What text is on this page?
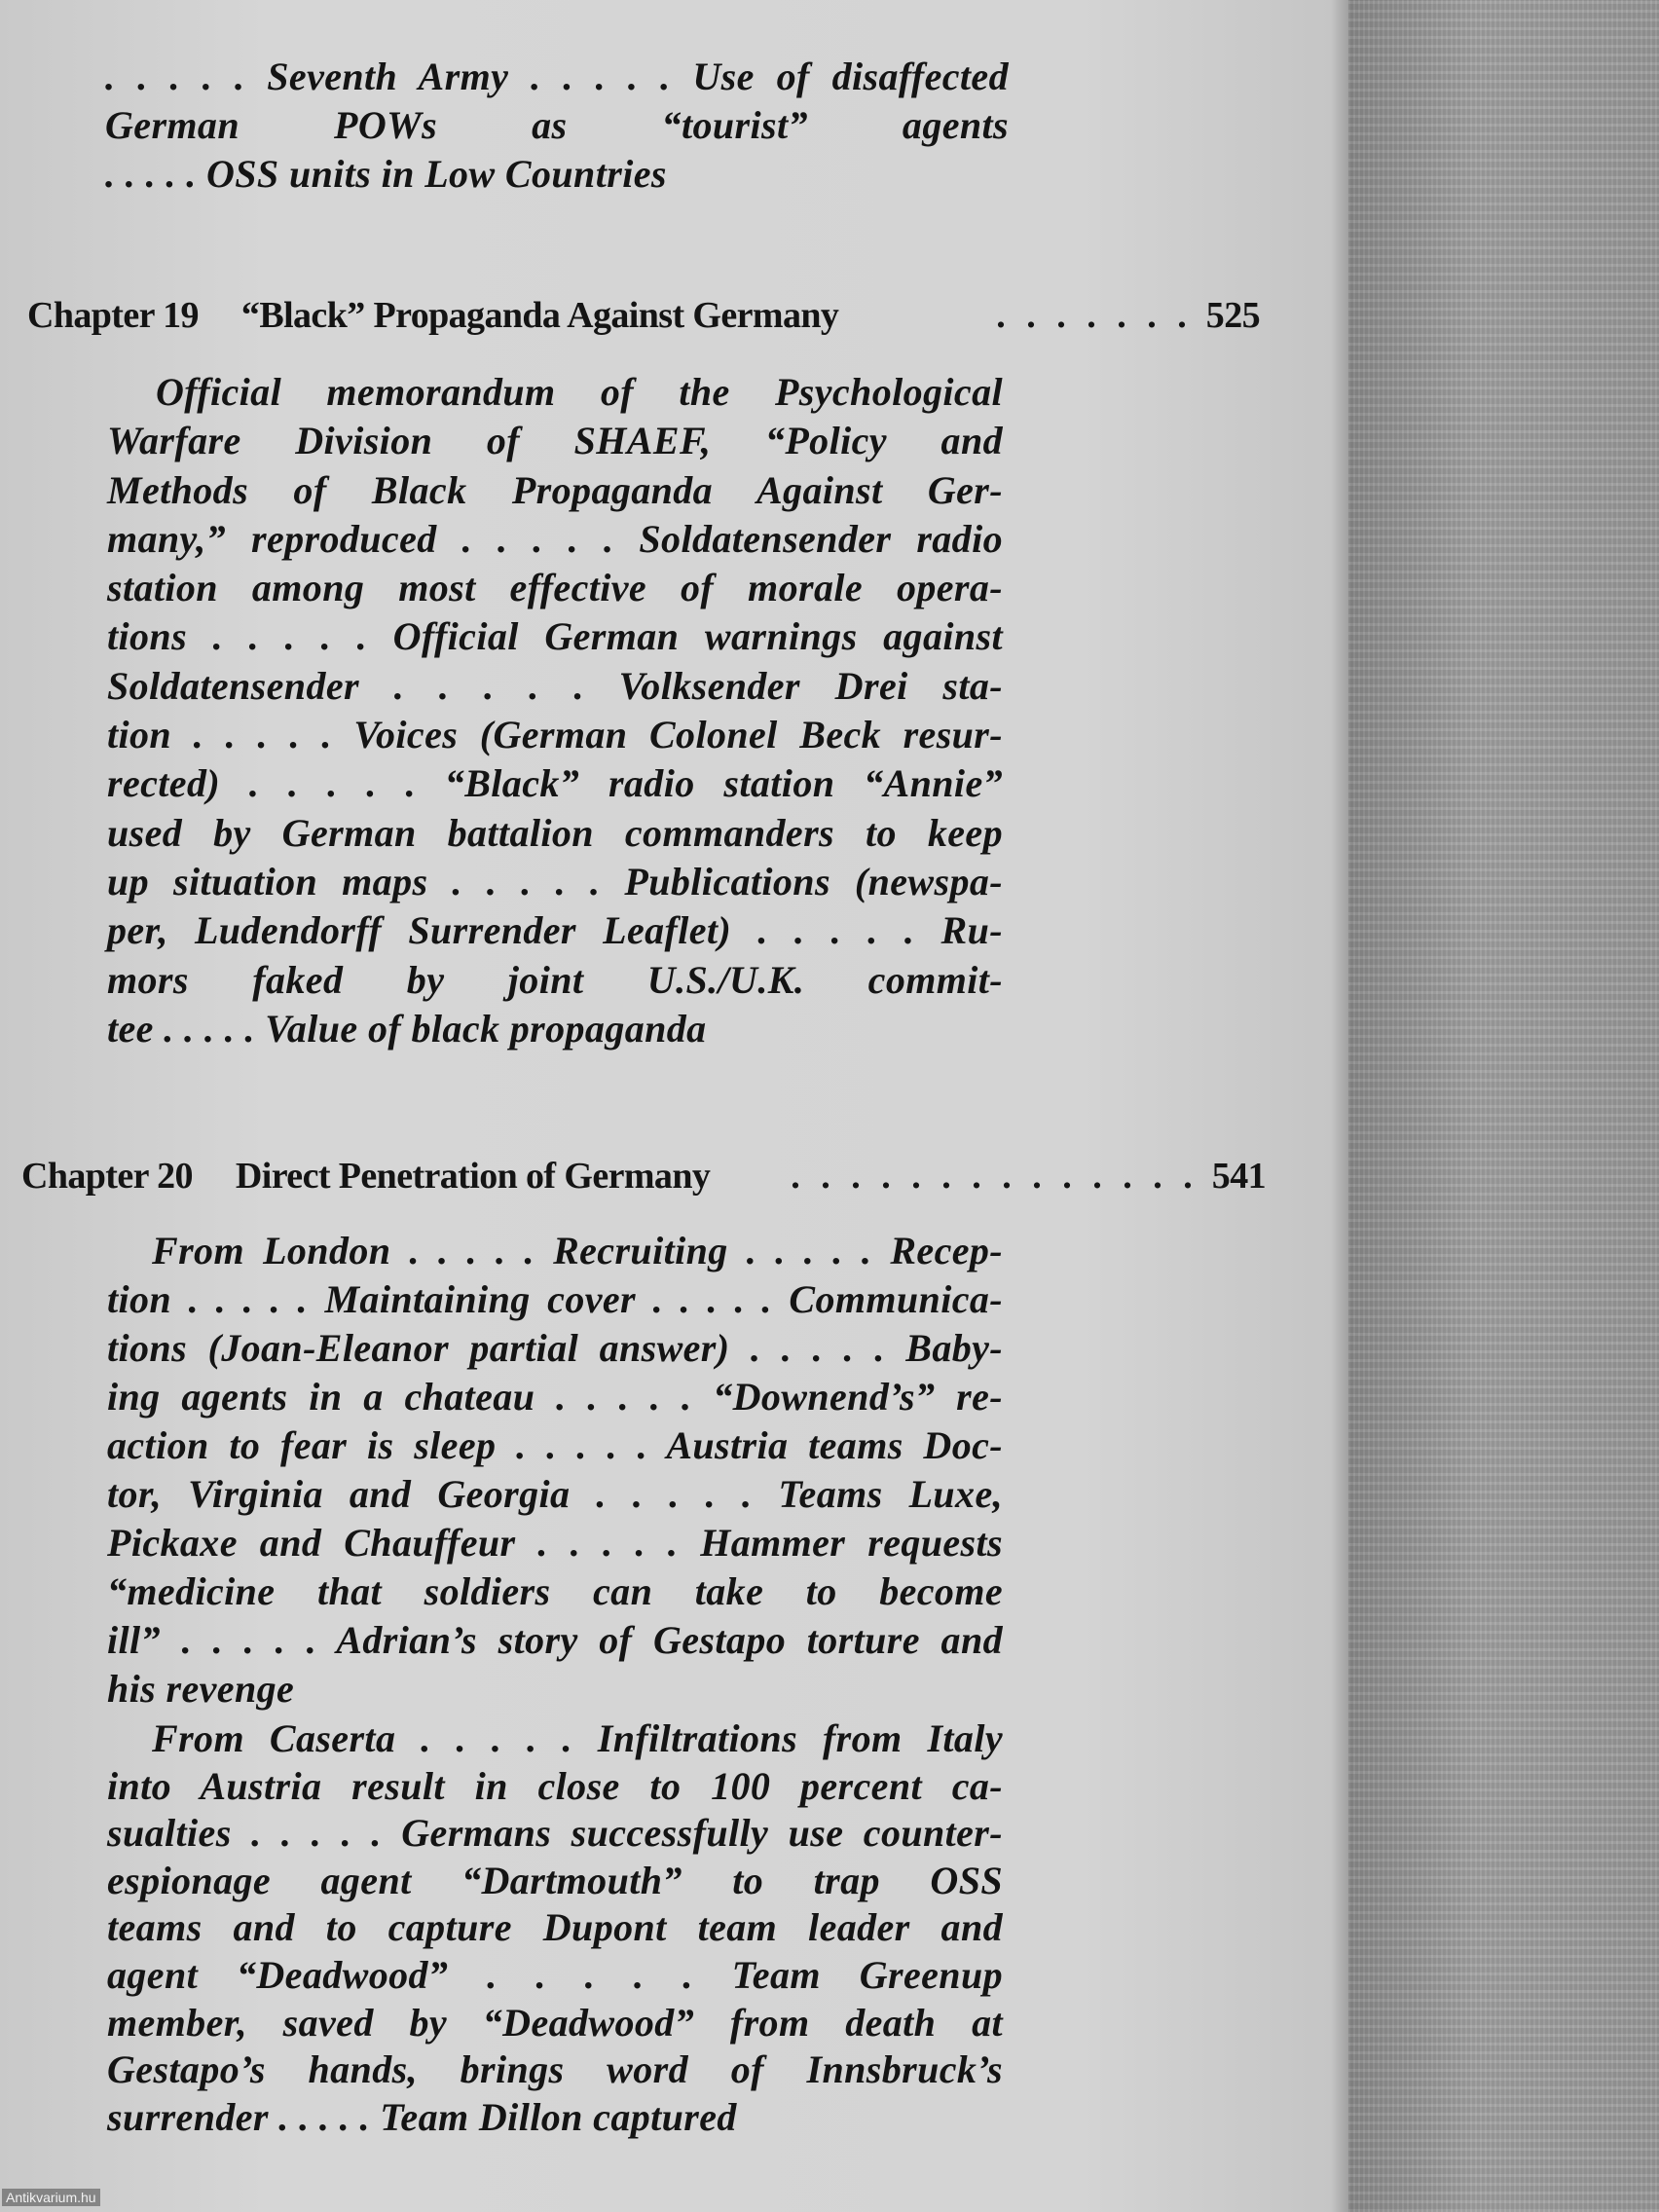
. . . . . Seventh Army . . . . . Use of disaffected
German POWs as “tourist” agents
. . . . . OSS units in Low Countries

Chapter 19 “Black” Propaganda Against Germany	. . . . . . . 525

Official memorandum of the Psychological
Warfare Division of SHAEF, “Policy and
Methods of Black Propaganda Against Ger-
many,” reproduced . . . . . Soldatensender radio
station among most effective of morale opera-
tions . . . . . Official German warnings against
Soldatensender . . . . . Volksender Drei sta-
tion . . . . . Voices (German Colonel Beck resur-
rected) . . . . . “Black” radio station “Annie”
used by German battalion commanders to keep
up situation maps . . . . . Publications (newspa-
per, Ludendorff Surrender Leaflet) . . . . . Ru-
mors faked by joint U.S./U.K. commit-
tee . . . . . Value of black propaganda

Chapter 20 Direct Penetration of Germany	. . . . . . . . . . . . . . 541

From London . . . . . Recruiting . . . . . Recep-
tion . . . . . Maintaining cover . . . . . Communica-
tions (Joan-Eleanor partial answer) . . . . . Baby-
ing agents in a chateau . . . . . “Downend’s” re-
action to fear is sleep . . . . . Austria teams Doc-
tor, Virginia and Georgia . . . . . Teams Luxe,
Pickaxe and Chauffeur . . . . . Hammer requests
“medicine that soldiers can take to become
ill” . . . . . Adrian’s story of Gestapo torture and
his revenge

From Caserta . . . . . Infiltrations from Italy
into Austria result in close to 100 percent ca-
sualties . . . . . Germans successfully use counter-
espionage agent “Dartmouth” to trap OSS
teams and to capture Dupont team leader and
agent “Deadwood” . . . . . Team Greenup
member, saved by “Deadwood” from death at
Gestapo’s hands, brings word of Innsbruck’s
surrender . . . . . Team Dillon captured

Antikvarium.hu
